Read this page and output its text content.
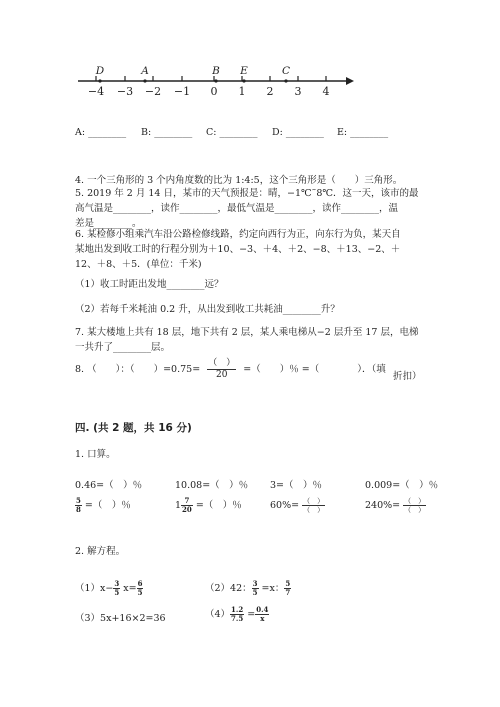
−4 −3 −2 −1 0 1 2 3 4
D	A	B E	C
A: ________ B: ________ C: ________ D: ________ E: ________
4. 一个三角形的 3 个内角度数的比为 1:4:5，这个三角形是（　　）三角形。
5. 2019 年 2 月 14 日，某市的天气预报是：晴，−1℃˜8℃．这一天，该市的最
高气温是________，读作________，最低气温是________，读作________，温
差是________。
6. 某检修小组乘汽车沿公路检修线路，约定向西行为正，向东行为负，某天自
某地出发到收工时的行程分别为＋10、−3、＋4、＋2、−8、＋13、−2、＋
12、＋8、＋5．(单位：千米)
（1）收工时距出发地________远？
（2）若每千米耗油 0.2 升，从出发到收工共耗油________升？
7. 某大楼地上共有 18 层，地下共有 2 层，某人乘电梯从−2 层升至 17 层，电梯
一共升了________层。
8. （　　）：（　　）$=0.75= \frac{( )}{20}$ =（　　）％ =（　　　　）．（填
折扣）
四. (共 2 题，共 16 分)
1. 口算。
0.46=（　）％	10.08=（　）％ 3=（　）％	0.009=（　）％
$\frac{5}{8}$ =（　）％	$1 \frac{7}{20}$ =（　）％	$60\%= \frac{( )}{( )}$	$240\%= \frac{( )}{( )}$
2. 解方程。
$(1)x- \frac{3}{5} x= \frac{6}{5}$	（2）42： $\frac{3}{5} =x$： $\frac{5}{7}$
（3）5x+16×2=36	$(4) \frac{1.2}{7.5} = \frac{0.4}{x}$
